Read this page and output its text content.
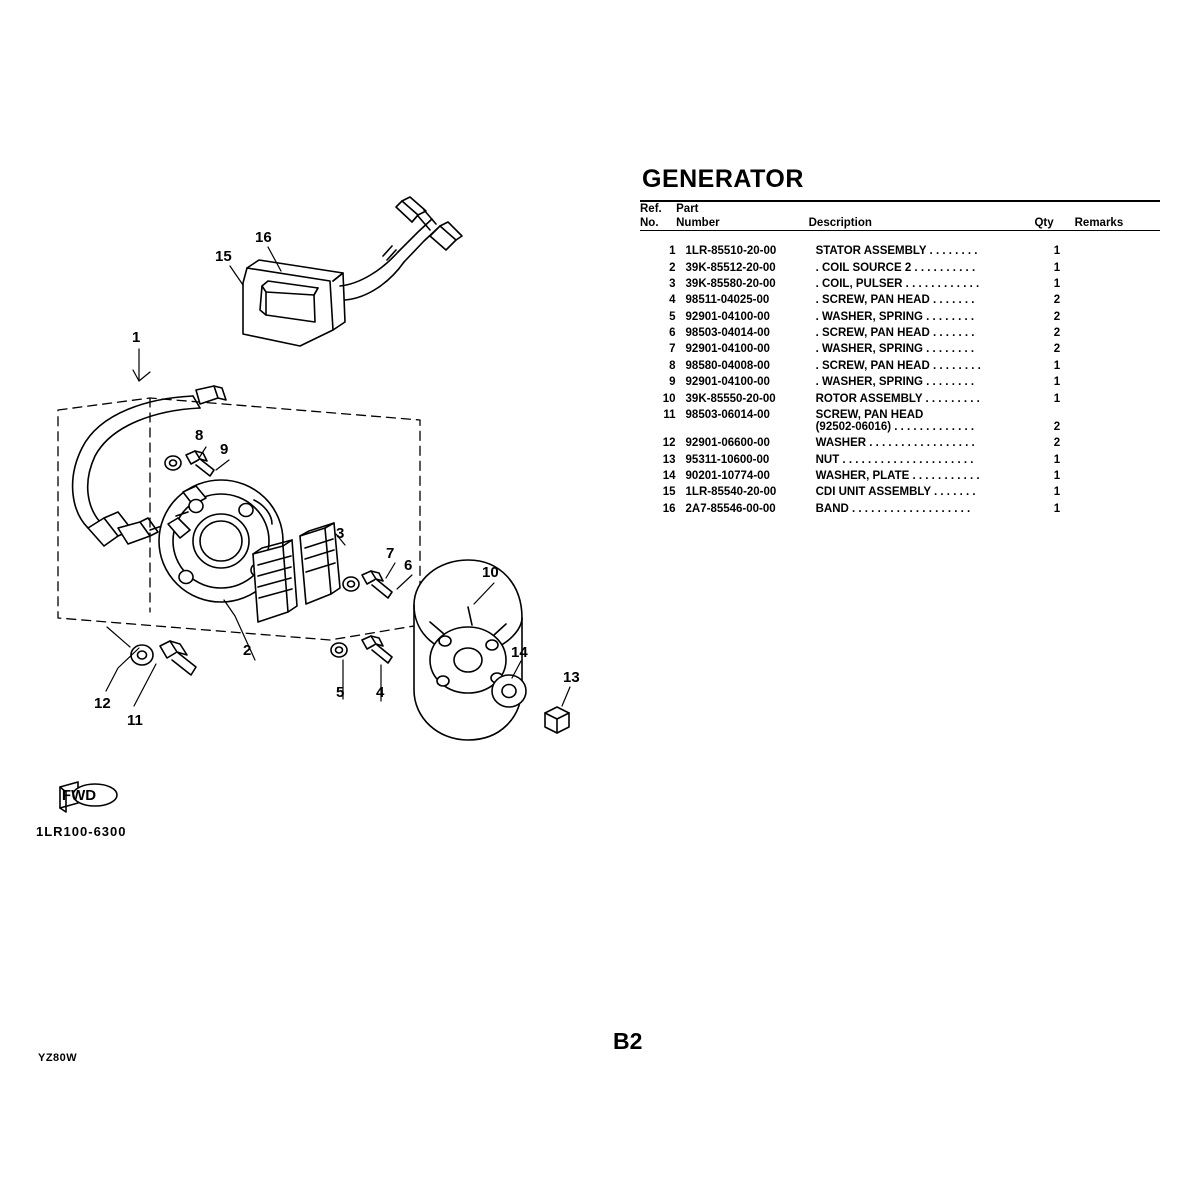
1
2
3
4
5
6
7
8
9
10
11
12
13
14
15
16
FWD
1LR100-6300
GENERATOR
Ref.	Part			
No.	Number	Description	Qty	Remarks
1	1LR-85510-20-00	STATOR ASSEMBLY . . . . . . . .	1	
2	39K-85512-20-00	. COIL SOURCE 2 . . . . . . . . . .	1	
3	39K-85580-20-00	. COIL, PULSER . . . . . . . . . . . .	1	
4	98511-04025-00	. SCREW, PAN HEAD . . . . . . .	2	
5	92901-04100-00	. WASHER, SPRING . . . . . . . .	2	
6	98503-04014-00	. SCREW, PAN HEAD . . . . . . .	2	
7	92901-04100-00	. WASHER, SPRING . . . . . . . .	2	
8	98580-04008-00	. SCREW, PAN HEAD . . . . . . . .	1	
9	92901-04100-00	. WASHER, SPRING . . . . . . . .	1	
10	39K-85550-20-00	ROTOR ASSEMBLY . . . . . . . . .	1	
11	98503-06014-00	SCREW, PAN HEAD
(92502-06016) . . . . . . . . . . . . .	2	
12	92901-06600-00	WASHER . . . . . . . . . . . . . . . . .	2	
13	95311-10600-00	NUT . . . . . . . . . . . . . . . . . . . . .	1	
14	90201-10774-00	WASHER, PLATE . . . . . . . . . . .	1	
15	1LR-85540-20-00	CDI UNIT ASSEMBLY . . . . . . .	1	
16	2A7-85546-00-00	BAND . . . . . . . . . . . . . . . . . . .	1	
B2
YZ80W
